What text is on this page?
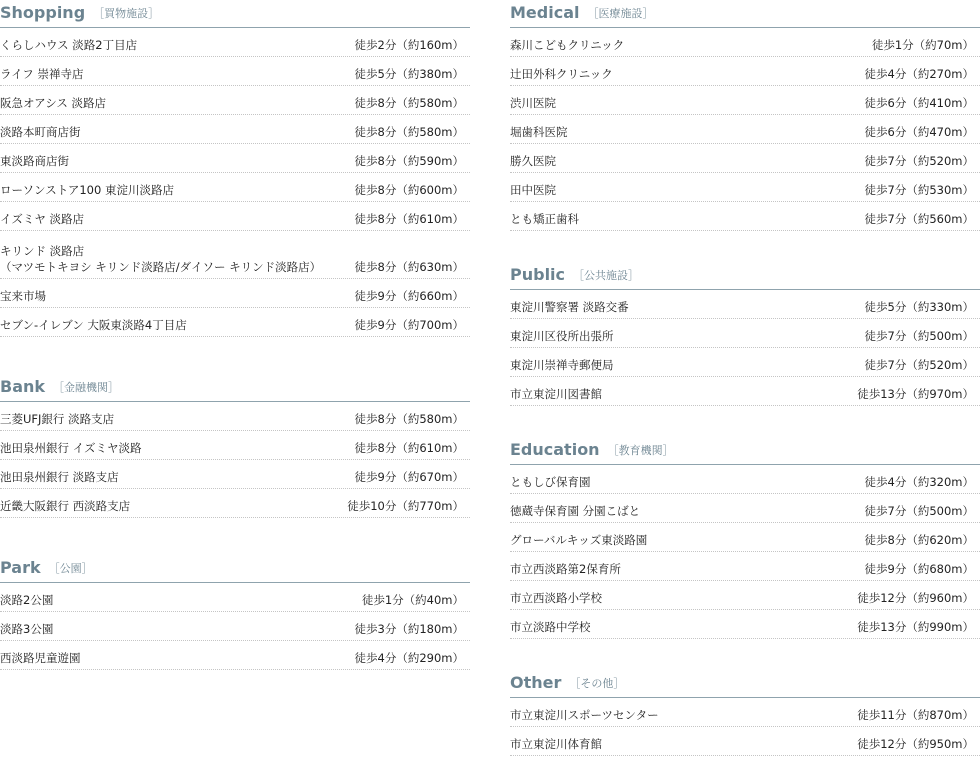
Shopping ［買物施設］
くらしハウス 淡路2丁目店	徒歩2分（約160m）
ライフ 崇禅寺店	徒歩5分（約380m）
阪急オアシス 淡路店	徒歩8分（約580m）
淡路本町商店街	徒歩8分（約580m）
東淡路商店街	徒歩8分（約590m）
ローソンストア100 東淀川淡路店	徒歩8分（約600m）
イズミヤ 淡路店	徒歩8分（約610m）
キリンド 淡路店
（マツモトキヨシ キリンド淡路店/ダイソー キリンド淡路店）	徒歩8分（約630m）
宝来市場	徒歩9分（約660m）
セブン-イレブン 大阪東淡路4丁目店	徒歩9分（約700m）
Bank ［金融機関］
三菱UFJ銀行 淡路支店	徒歩8分（約580m）
池田泉州銀行 イズミヤ淡路	徒歩8分（約610m）
池田泉州銀行 淡路支店	徒歩9分（約670m）
近畿大阪銀行 西淡路支店	徒歩10分（約770m）
Park ［公園］
淡路2公園	徒歩1分（約40m）
淡路3公園	徒歩3分（約180m）
西淡路児童遊園	徒歩4分（約290m）
Medical ［医療施設］
森川こどもクリニック	徒歩1分（約70m）
辻田外科クリニック	徒歩4分（約270m）
渋川医院	徒歩6分（約410m）
堀歯科医院	徒歩6分（約470m）
勝久医院	徒歩7分（約520m）
田中医院	徒歩7分（約530m）
とも矯正歯科	徒歩7分（約560m）
Public ［公共施設］
東淀川警察署 淡路交番	徒歩5分（約330m）
東淀川区役所出張所	徒歩7分（約500m）
東淀川崇禅寺郵便局	徒歩7分（約520m）
市立東淀川図書館	徒歩13分（約970m）
Education ［教育機関］
ともしび保育園	徒歩4分（約320m）
徳蔵寺保育園 分園こばと	徒歩7分（約500m）
グローバルキッズ東淡路園	徒歩8分（約620m）
市立西淡路第2保育所	徒歩9分（約680m）
市立西淡路小学校	徒歩12分（約960m）
市立淡路中学校	徒歩13分（約990m）
Other ［その他］
市立東淀川スポーツセンター	徒歩11分（約870m）
市立東淀川体育館	徒歩12分（約950m）
